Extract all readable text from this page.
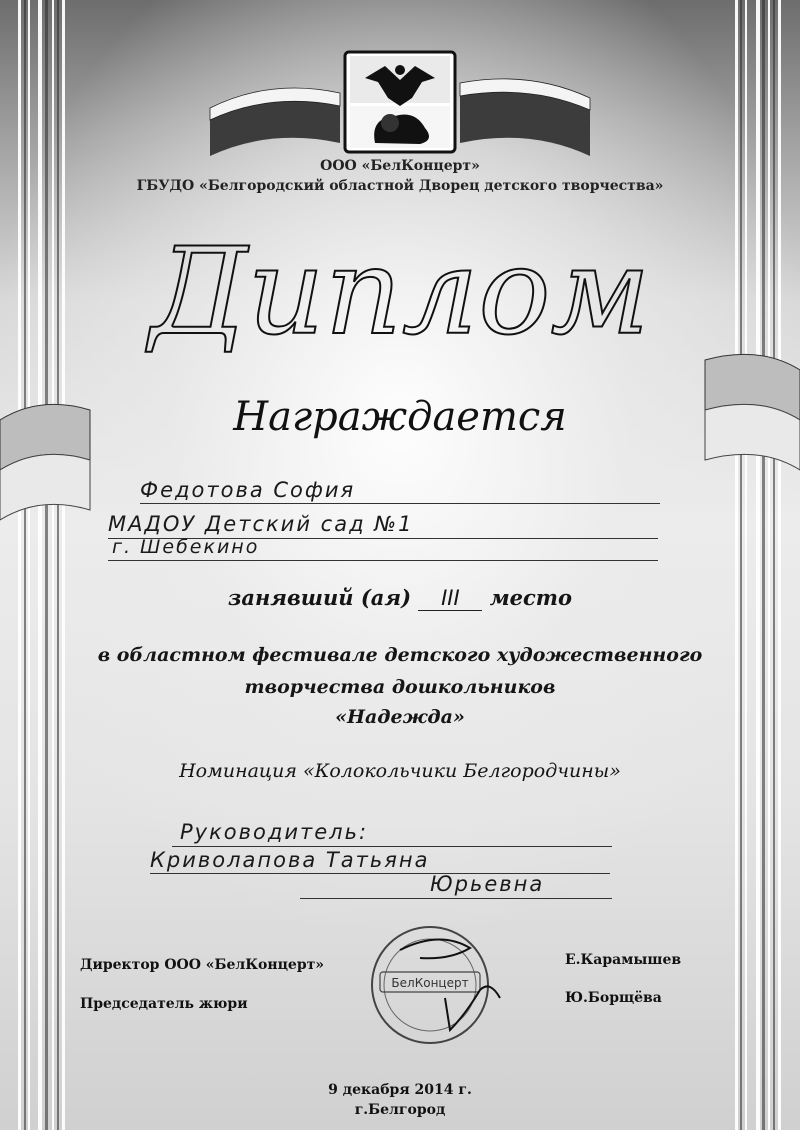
ООО «БелКонцерт»
ГБУДО «Белгородский областной Дворец детского творчества»
Диплом
Награждается
Федотова София
МАДОУ Детский сад №1
г. Шебекино
занявший (ая) III место
в областном фестивале детского художественного
творчества дошкольников
«Надежда»
Номинация «Колокольчики Белгородчины»
Руководитель:
Криволапова Татьяна
Юрьевна
Директор ООО «БелКонцерт»	Е.Карамышев
Председатель жюри	Ю.Борщёва
БелКонцерт
9 декабря 2014 г.
г.Белгород
